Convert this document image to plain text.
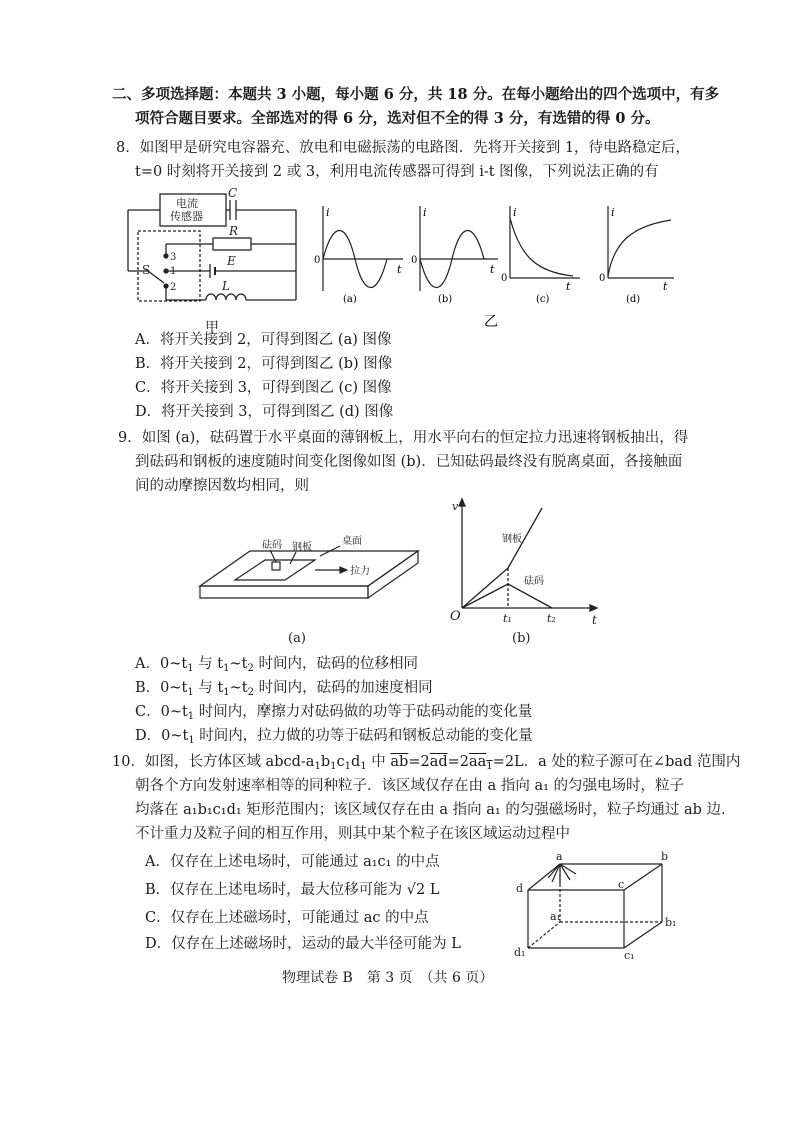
二、多项选择题：本题共 3 小题，每小题 6 分，共 18 分。在每小题给出的四个选项中，有多
项符合题目要求。全部选对的得 6 分，选对但不全的得 3 分，有选错的得 0 分。
8．如图甲是研究电容器充、放电和电磁振荡的电路图．先将开关接到 1，待电路稳定后，
t=0 时刻将开关接到 2 或 3，利用电流传感器可得到 i-t 图像，下列说法正确的有
电流
传感器
C
R
E
L
S
3
1
2
甲
i
0
t
(a)
i
0
t
(b)
i
0
t
(c)
i
0
t
(d)
乙
A．将开关接到 2，可得到图乙 (a) 图像
B．将开关接到 2，可得到图乙 (b) 图像
C．将开关接到 3，可得到图乙 (c) 图像
D．将开关接到 3，可得到图乙 (d) 图像
9．如图 (a)，砝码置于水平桌面的薄钢板上，用水平向右的恒定拉力迅速将钢板抽出，得
到砝码和钢板的速度随时间变化图像如图 (b)．已知砝码最终没有脱离桌面，各接触面
间的动摩擦因数均相同，则
砝码 钢板
桌面
拉力
(a)
v
t
O	t₁	t₂
钢板
砝码
(b)
A．$0\sim t_1$ 与 $t_1\sim t_2$ 时间内，砝码的位移相同
B．$0\sim t_1$ 与 $t_1\sim t_2$ 时间内，砝码的加速度相同
C．$0\sim t_1$ 时间内，摩擦力对砝码做的功等于砝码动能的变化量
D．$0\sim t_1$ 时间内，拉力做的功等于砝码和钢板总动能的变化量
10．如图，长方体区域 abcd-$a_1b_1c_1d_1$ 中 $\overline{ab}=2\overline{ad}=2aa_1=2L$．a 处的粒子源可在∠bad 范围内
朝各个方向发射速率相等的同种粒子．该区域仅存在由 a 指向 a₁ 的匀强电场时，粒子
均落在 a₁b₁c₁d₁ 矩形范围内；该区域仅存在由 a 指向 a₁ 的匀强磁场时，粒子均通过 ab 边．
不计重力及粒子间的相互作用，则其中某个粒子在该区域运动过程中
A．仅存在上述电场时，可能通过 a₁c₁ 的中点
B．仅存在上述电场时，最大位移可能为 √2 L
C．仅存在上述磁场时，可能通过 ac 的中点
D．仅存在上述磁场时，运动的最大半径可能为 L
a	b
c
d
a₁	b₁
c₁
d₁
物理试卷 B　第 3 页　（共 6 页）
